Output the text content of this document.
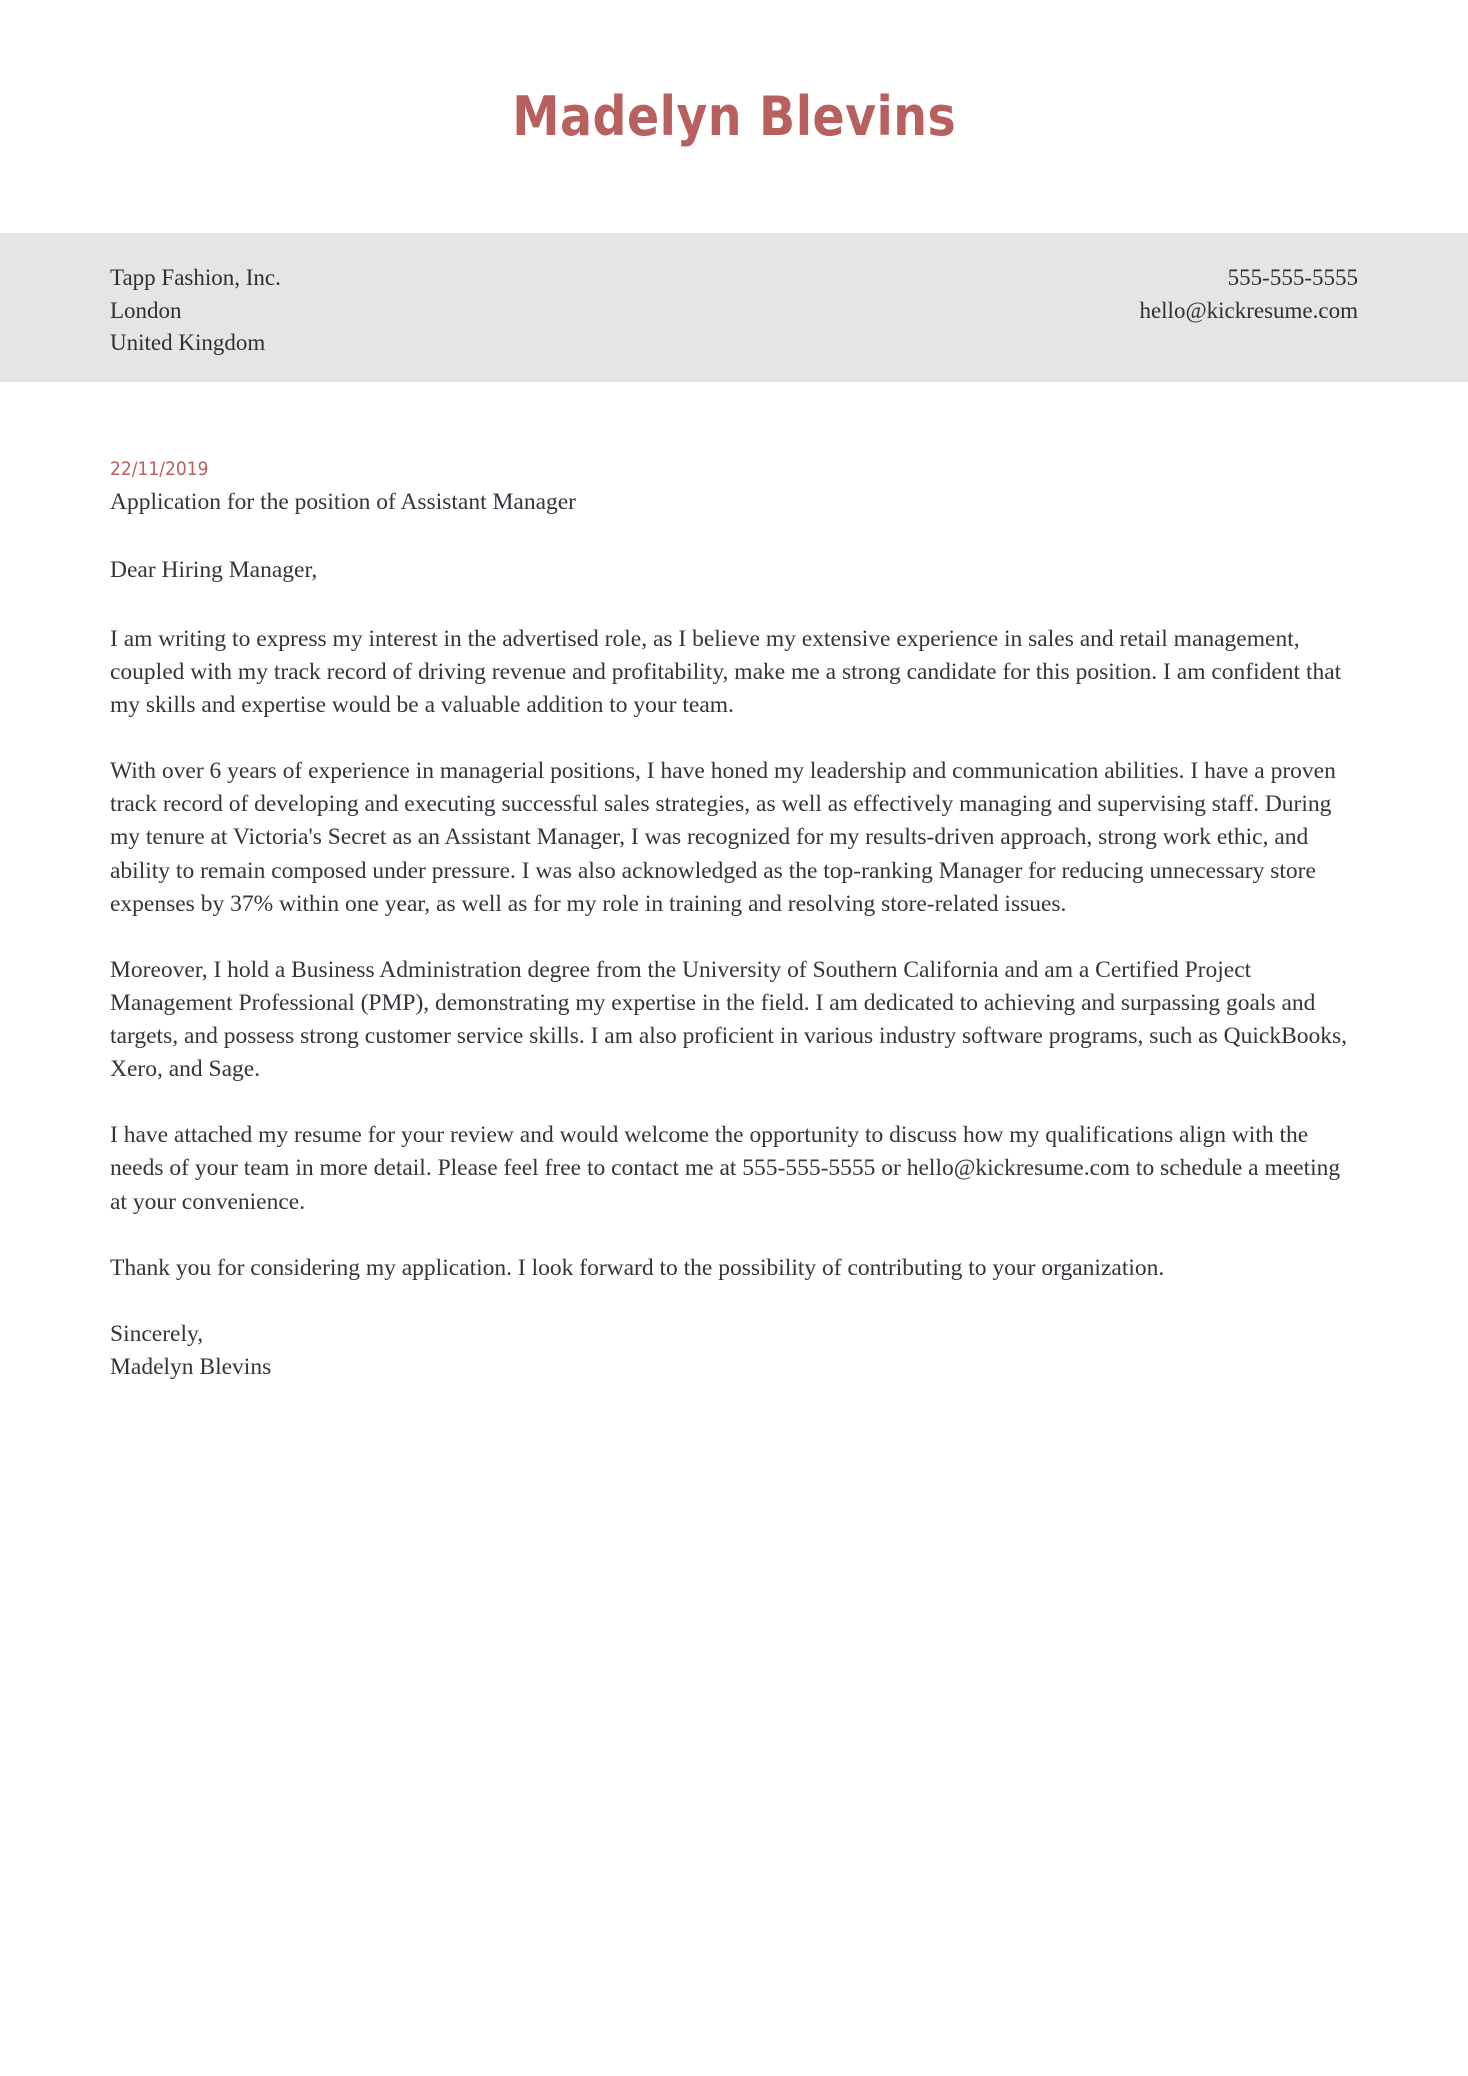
Madelyn Blevins
Tapp Fashion, Inc.
London
United Kingdom
555-555-5555
hello@kickresume.com
22/11/2019
Application for the position of Assistant Manager
Dear Hiring Manager,

I am writing to express my interest in the advertised role, as I believe my extensive experience in sales and retail management, coupled with my track record of driving revenue and profitability, make me a strong candidate for this position. I am confident that my skills and expertise would be a valuable addition to your team.

With over 6 years of experience in managerial positions, I have honed my leadership and communication abilities. I have a proven track record of developing and executing successful sales strategies, as well as effectively managing and supervising staff. During my tenure at Victoria's Secret as an Assistant Manager, I was recognized for my results-driven approach, strong work ethic, and ability to remain composed under pressure. I was also acknowledged as the top-ranking Manager for reducing unnecessary store expenses by 37% within one year, as well as for my role in training and resolving store-related issues.

Moreover, I hold a Business Administration degree from the University of Southern California and am a Certified Project Management Professional (PMP), demonstrating my expertise in the field. I am dedicated to achieving and surpassing goals and targets, and possess strong customer service skills. I am also proficient in various industry software programs, such as QuickBooks, Xero, and Sage.

I have attached my resume for your review and would welcome the opportunity to discuss how my qualifications align with the needs of your team in more detail. Please feel free to contact me at 555-555-5555 or hello@kickresume.com to schedule a meeting at your convenience.

Thank you for considering my application. I look forward to the possibility of contributing to your organization.

Sincerely,
Madelyn Blevins
